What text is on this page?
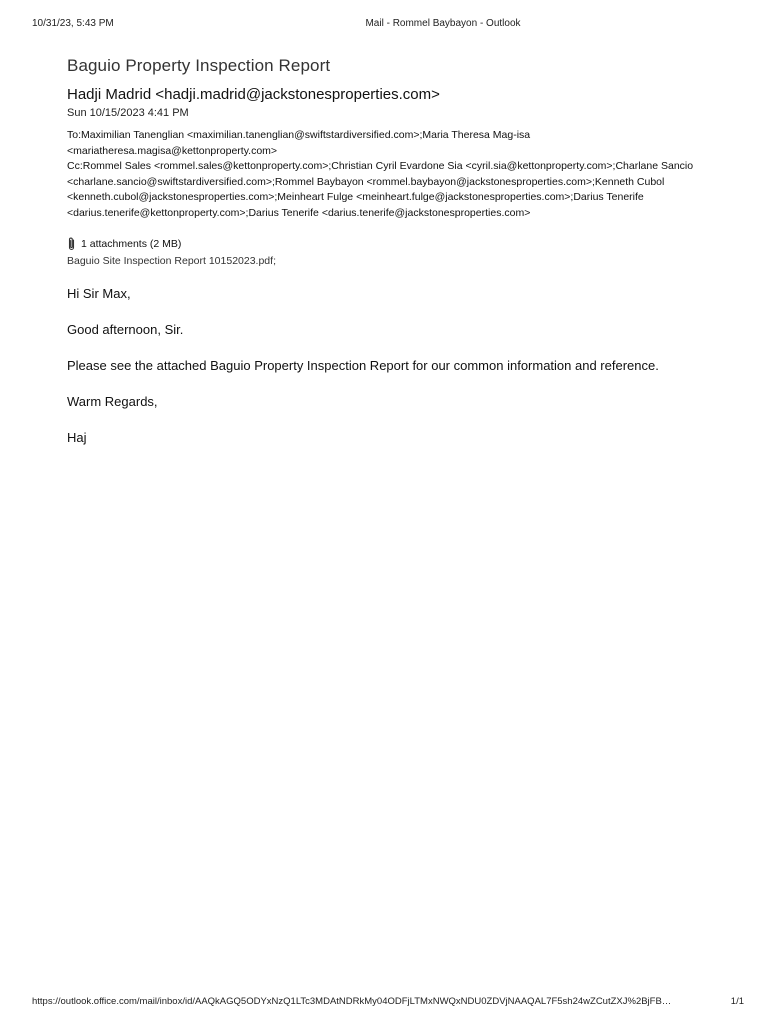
10/31/23, 5:43 PM	Mail - Rommel Baybayon - Outlook
Baguio Property Inspection Report
Hadji Madrid <hadji.madrid@jackstonesproperties.com>
Sun 10/15/2023 4:41 PM

To:Maximilian Tanenglian <maximilian.tanenglian@swiftstardiversified.com>;Maria Theresa Mag-isa <mariatheresa.magisa@kettonproperty.com>

Cc:Rommel Sales <rommel.sales@kettonproperty.com>;Christian Cyril Evardone Sia <cyril.sia@kettonproperty.com>;Charlane Sancio <charlane.sancio@swiftstardiversified.com>;Rommel Baybayon <rommel.baybayon@jackstonesproperties.com>;Kenneth Cubol <kenneth.cubol@jackstonesproperties.com>;Meinheart Fulge <meinheart.fulge@jackstonesproperties.com>;Darius Tenerife <darius.tenerife@kettonproperty.com>;Darius Tenerife <darius.tenerife@jackstonesproperties.com>

1 attachments (2 MB)
Baguio Site Inspection Report 10152023.pdf;

Hi Sir Max,

Good afternoon, Sir.

Please see the attached Baguio Property Inspection Report for our common information and reference.

Warm Regards,

Haj

https://outlook.office.com/mail/inbox/id/AAQkAGQ5ODYxNzQ1LTc3MDAtNDRkMy04ODFjLTMxNWQxNDU0ZDVjNAAQAL7F5sh24wZCutZXJ%2BjFB…	1/1
